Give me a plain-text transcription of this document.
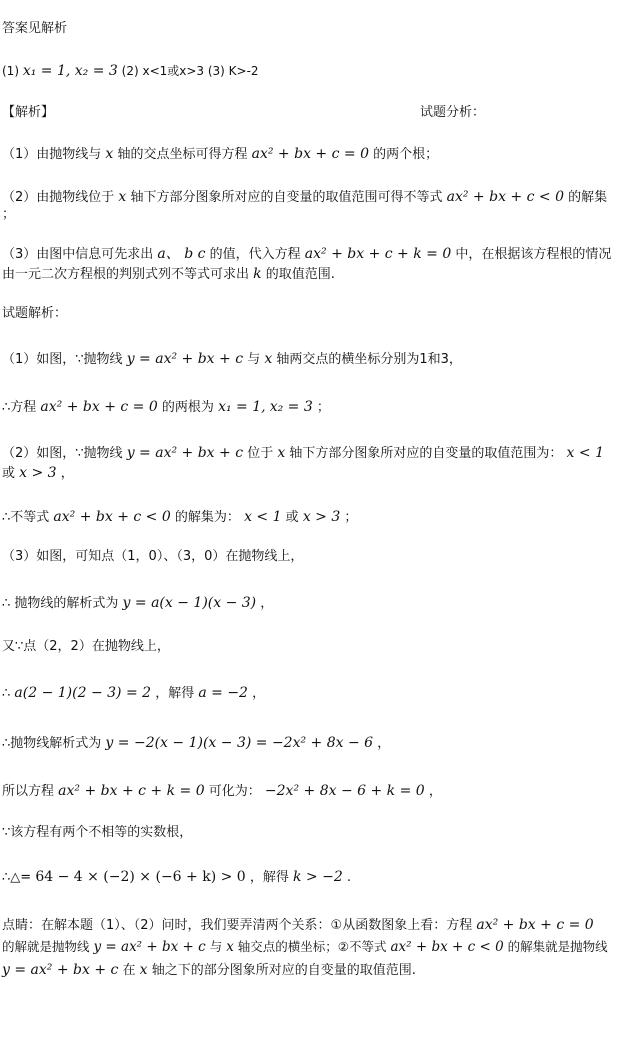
答案见解析
(1) x₁ = 1, x₂ = 3 (2) x<1或x>3 (3) K>-2
【解析】	试题分析：
（1）由抛物线与 x 轴的交点坐标可得方程 ax² + bx + c = 0 的两个根；
（2）由抛物线位于 x 轴下方部分图象所对应的自变量的取值范围可得不等式 ax² + bx + c < 0 的解集
；
（3）由图中信息可先求出 a、 b c 的值，代入方程 ax² + bx + c + k = 0 中，在根据该方程根的情况
由一元二次方程根的判别式列不等式可求出 k 的取值范围.
试题解析：
（1）如图，∵抛物线 y = ax² + bx + c 与 x 轴两交点的横坐标分别为1和3，
∴方程 ax² + bx + c = 0 的两根为 x₁ = 1, x₂ = 3 ；
（2）如图，∵抛物线 y = ax² + bx + c 位于 x 轴下方部分图象所对应的自变量的取值范围为： x < 1
或 x > 3 ，
∴不等式 ax² + bx + c < 0 的解集为： x < 1 或 x > 3 ；
（3）如图，可知点（1，0）、（3，0）在抛物线上，
∴ 抛物线的解析式为 y = a(x − 1)(x − 3) ，
又∵点（2，2）在抛物线上，
∴ a(2 − 1)(2 − 3) = 2 ，解得 a = −2 ，
∴抛物线解析式为 y = −2(x − 1)(x − 3) = −2x² + 8x − 6 ，
所以方程 ax² + bx + c + k = 0 可化为： −2x² + 8x − 6 + k = 0 ，
∵该方程有两个不相等的实数根，
∴△= 64 − 4 × (−2) × (−6 + k) > 0 ，解得 k > −2 .
点睛：在解本题（1）、（2）问时，我们要弄清两个关系：①从函数图象上看：方程 ax² + bx + c = 0
的解就是抛物线 y = ax² + bx + c 与 x 轴交点的横坐标；②不等式 ax² + bx + c < 0 的解集就是抛物线
y = ax² + bx + c 在 x 轴之下的部分图象所对应的自变量的取值范围.
